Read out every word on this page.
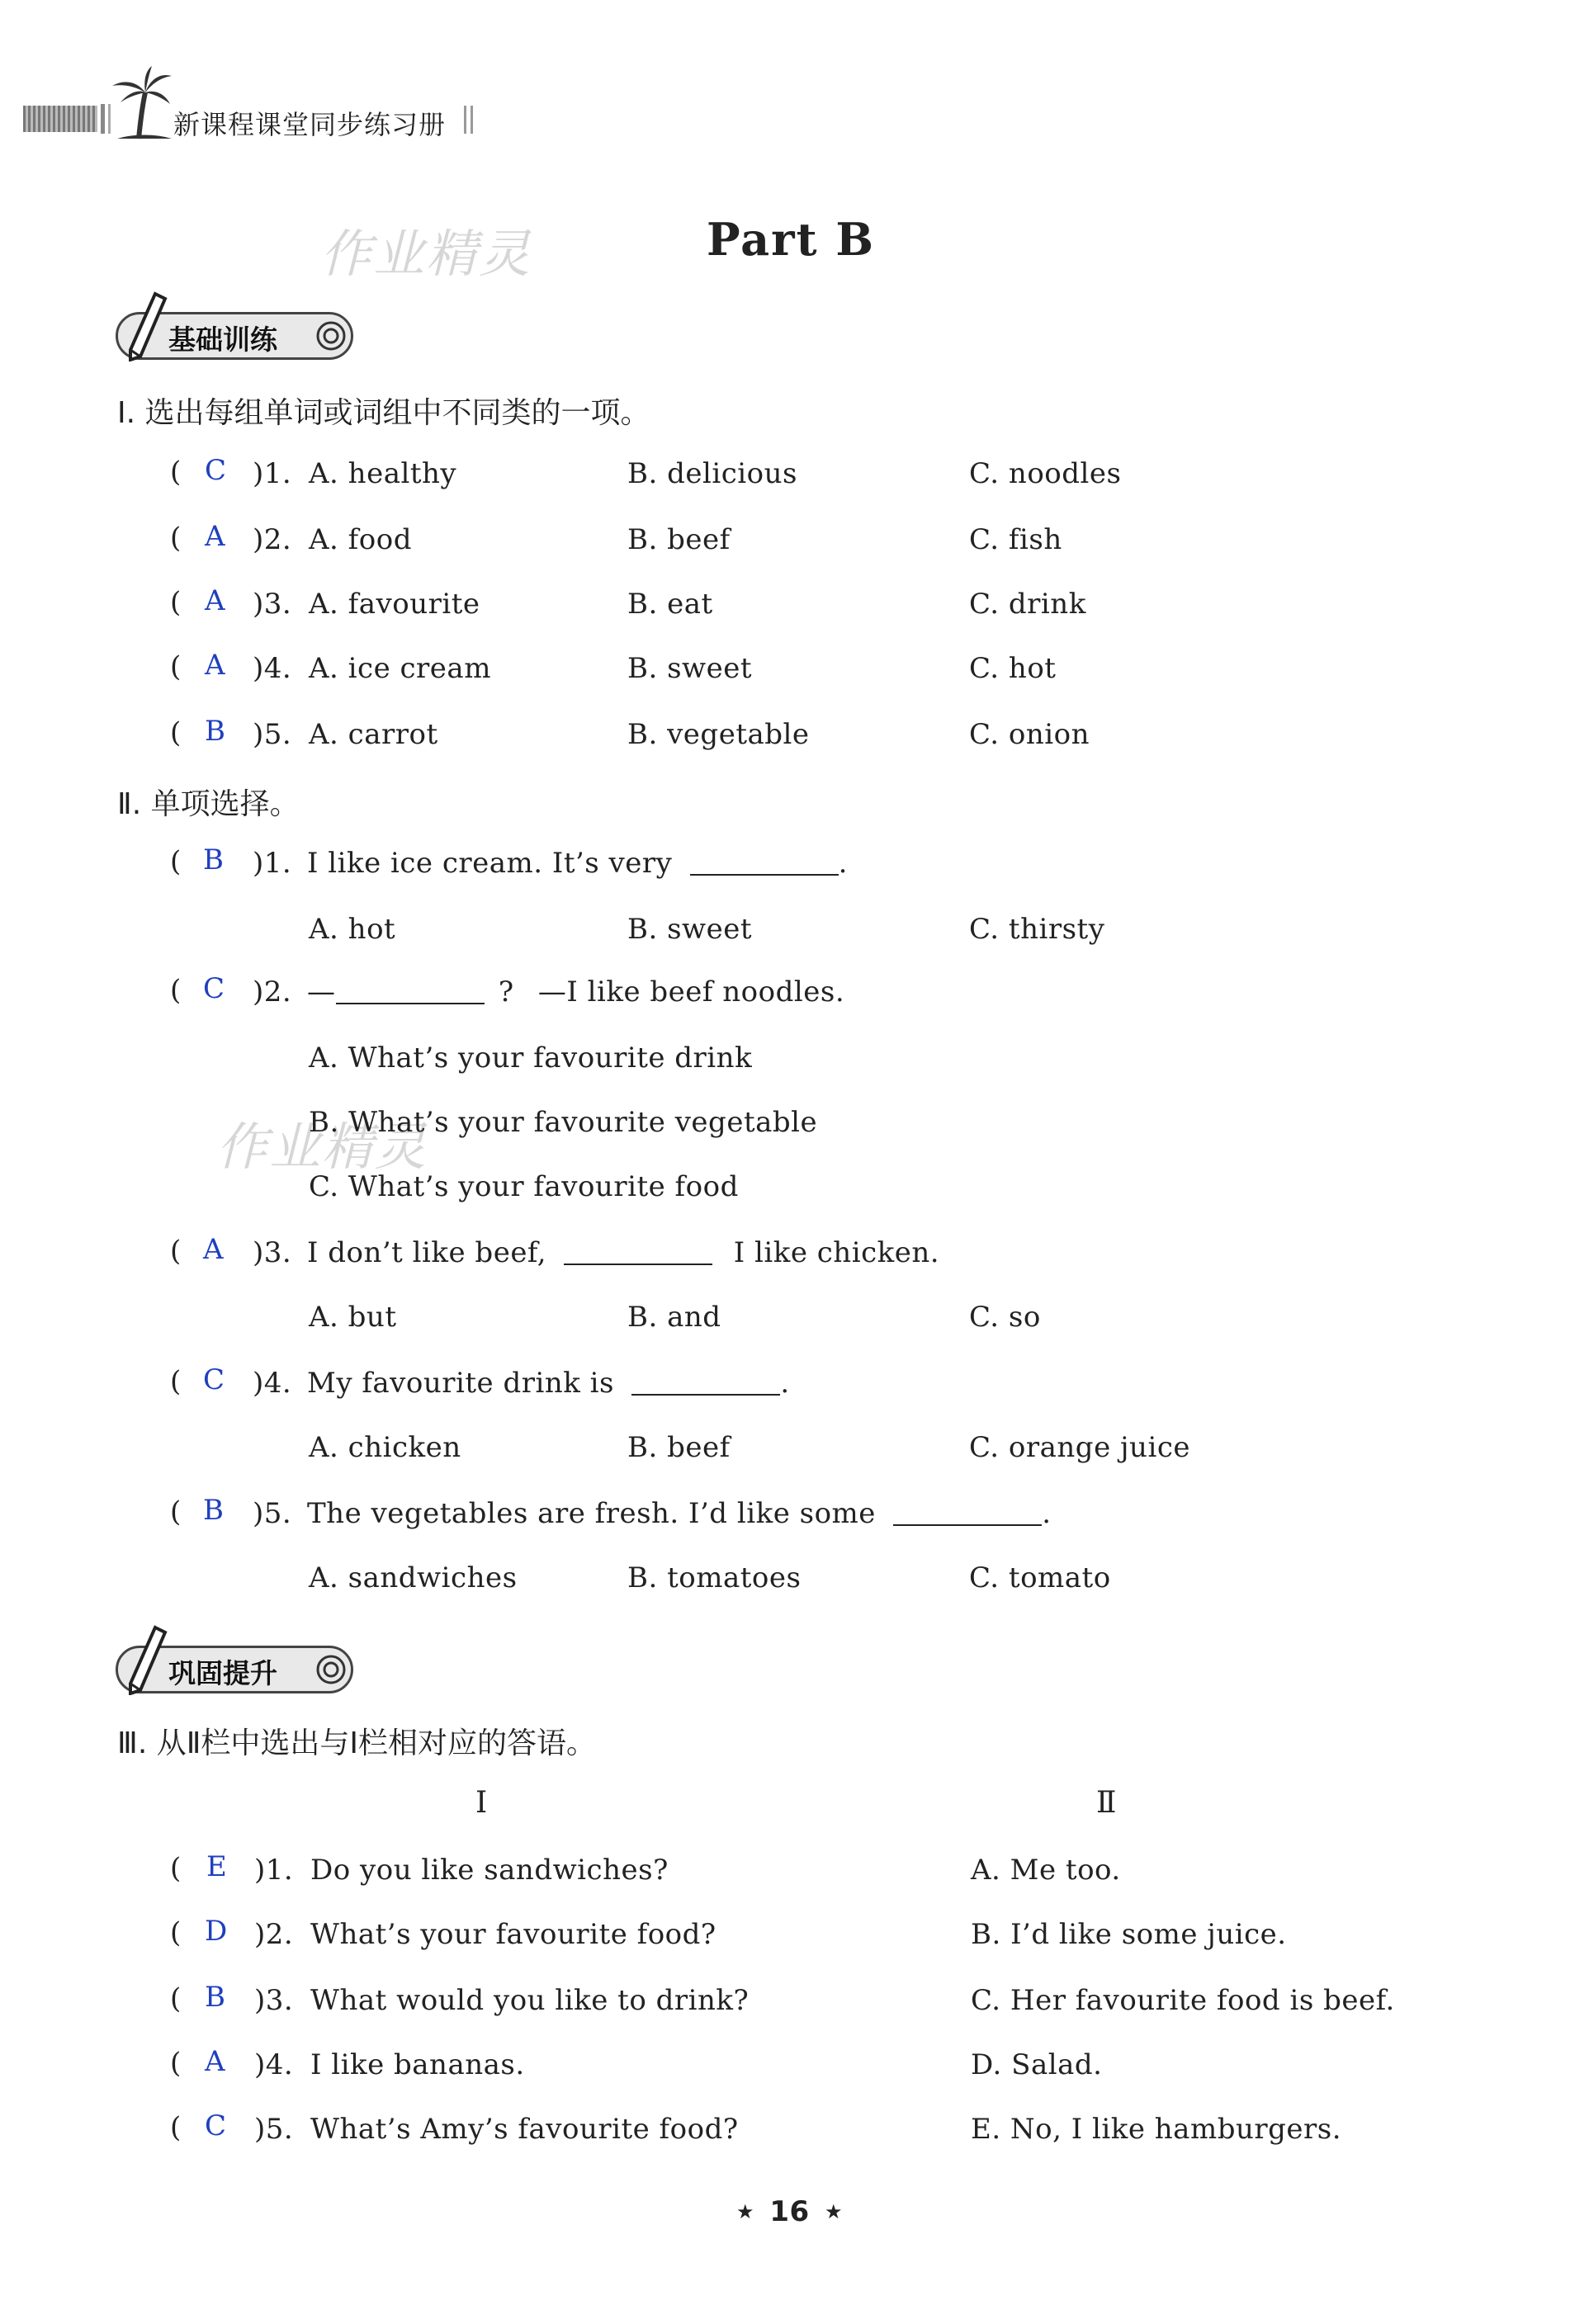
新课程课堂同步练习册
作业精灵
作业精灵
Part B
基础训练
Ⅰ. 选出每组单词或词组中不同类的一项。
( C )1. A. healthy	B. delicious	C. noodles
( A )2. A. food	B. beef	C. fish
( A )3. A. favourite	B. eat	C. drink
( A )4. A. ice cream	B. sweet	C. hot
( B )5. A. carrot	B. vegetable	C. onion
Ⅱ. 单项选择。
( B )1. I like ice cream. It’s very	.
A. hot	B. sweet	C. thirsty
( C )2. —	? —I like beef noodles.
A. What’s your favourite drink
B. What’s your favourite vegetable
C. What’s your favourite food
( A )3. I don’t like beef,	I like chicken.
A. but	B. and	C. so
( C )4. My favourite drink is	.
A. chicken	B. beef	C. orange juice
( B )5. The vegetables are fresh. I’d like some	.
A. sandwiches	B. tomatoes	C. tomato
巩固提升
Ⅲ. 从Ⅱ栏中选出与Ⅰ栏相对应的答语。
Ⅰ	Ⅱ
( E )1. Do you like sandwiches?	A. Me too.
( D )2. What’s your favourite food?	B. I’d like some juice.
( B )3. What would you like to drink?	C. Her favourite food is beef.
( A )4. I like bananas.	D. Salad.
( C )5. What’s Amy’s favourite food?	E. No, I like hamburgers.
★ 16 ★
